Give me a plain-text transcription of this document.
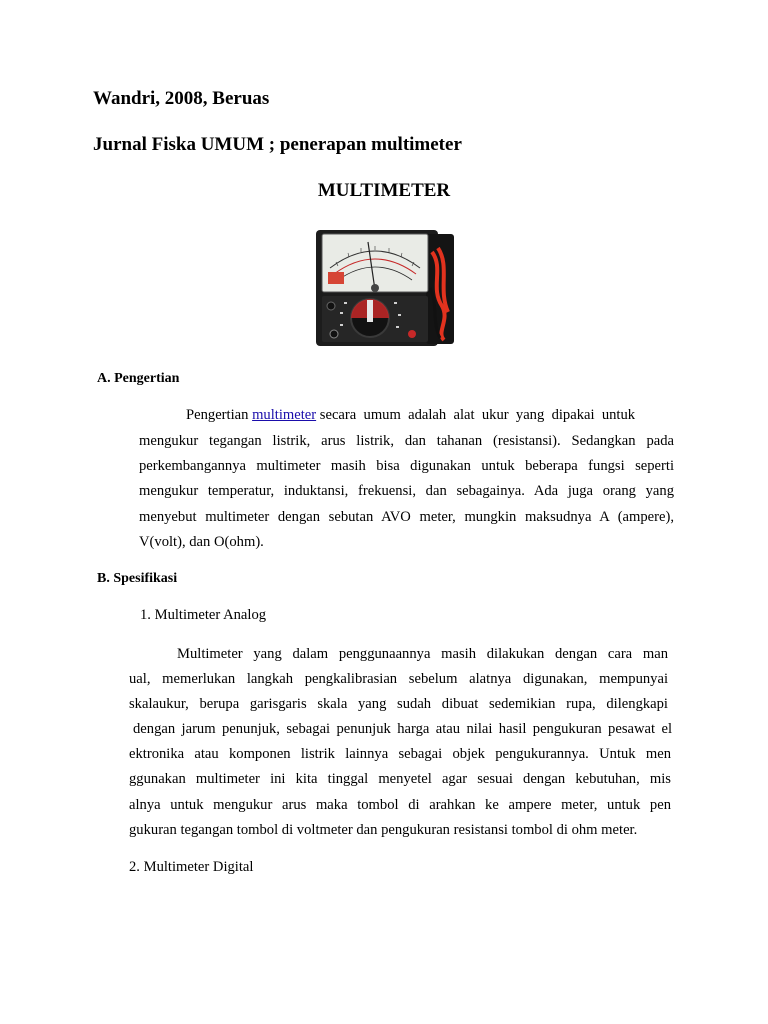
Wandri, 2008, Beruas
Jurnal Fiska UMUM ; penerapan multimeter
MULTIMETER
A. Pengertian
Pengertian multimeter secara  umum  adalah  alat  ukur  yang  dipakai  untuk
mengukur tegangan listrik, arus listrik, dan tahanan (resistansi). Sedangkan pada
perkembangannya multimeter masih bisa digunakan untuk beberapa fungsi seperti
mengukur temperatur, induktansi, frekuensi, dan sebagainya. Ada juga orang yang
menyebut multimeter dengan sebutan AVO meter, mungkin maksudnya A (ampere),
V(volt), dan O(ohm).
B. Spesifikasi
1. Multimeter Analog
Multimeter yang dalam penggunaannya masih dilakukan dengan cara man
ual, memerlukan langkah pengkalibrasian sebelum alatnya digunakan, mempunyai
skalaukur, berupa garisgaris skala yang sudah dibuat sedemikian rupa, dilengkapi
dengan jarum penunjuk, sebagai penunjuk harga atau nilai hasil pengukuran pesawat el
ektronika atau komponen listrik lainnya sebagai objek pengukurannya. Untuk men
ggunakan multimeter ini kita tinggal menyetel agar sesuai dengan kebutuhan, mis
alnya untuk mengukur arus maka tombol di arahkan ke ampere meter, untuk pen
gukuran tegangan tombol di voltmeter dan pengukuran resistansi tombol di ohm meter.
2. Multimeter Digital
